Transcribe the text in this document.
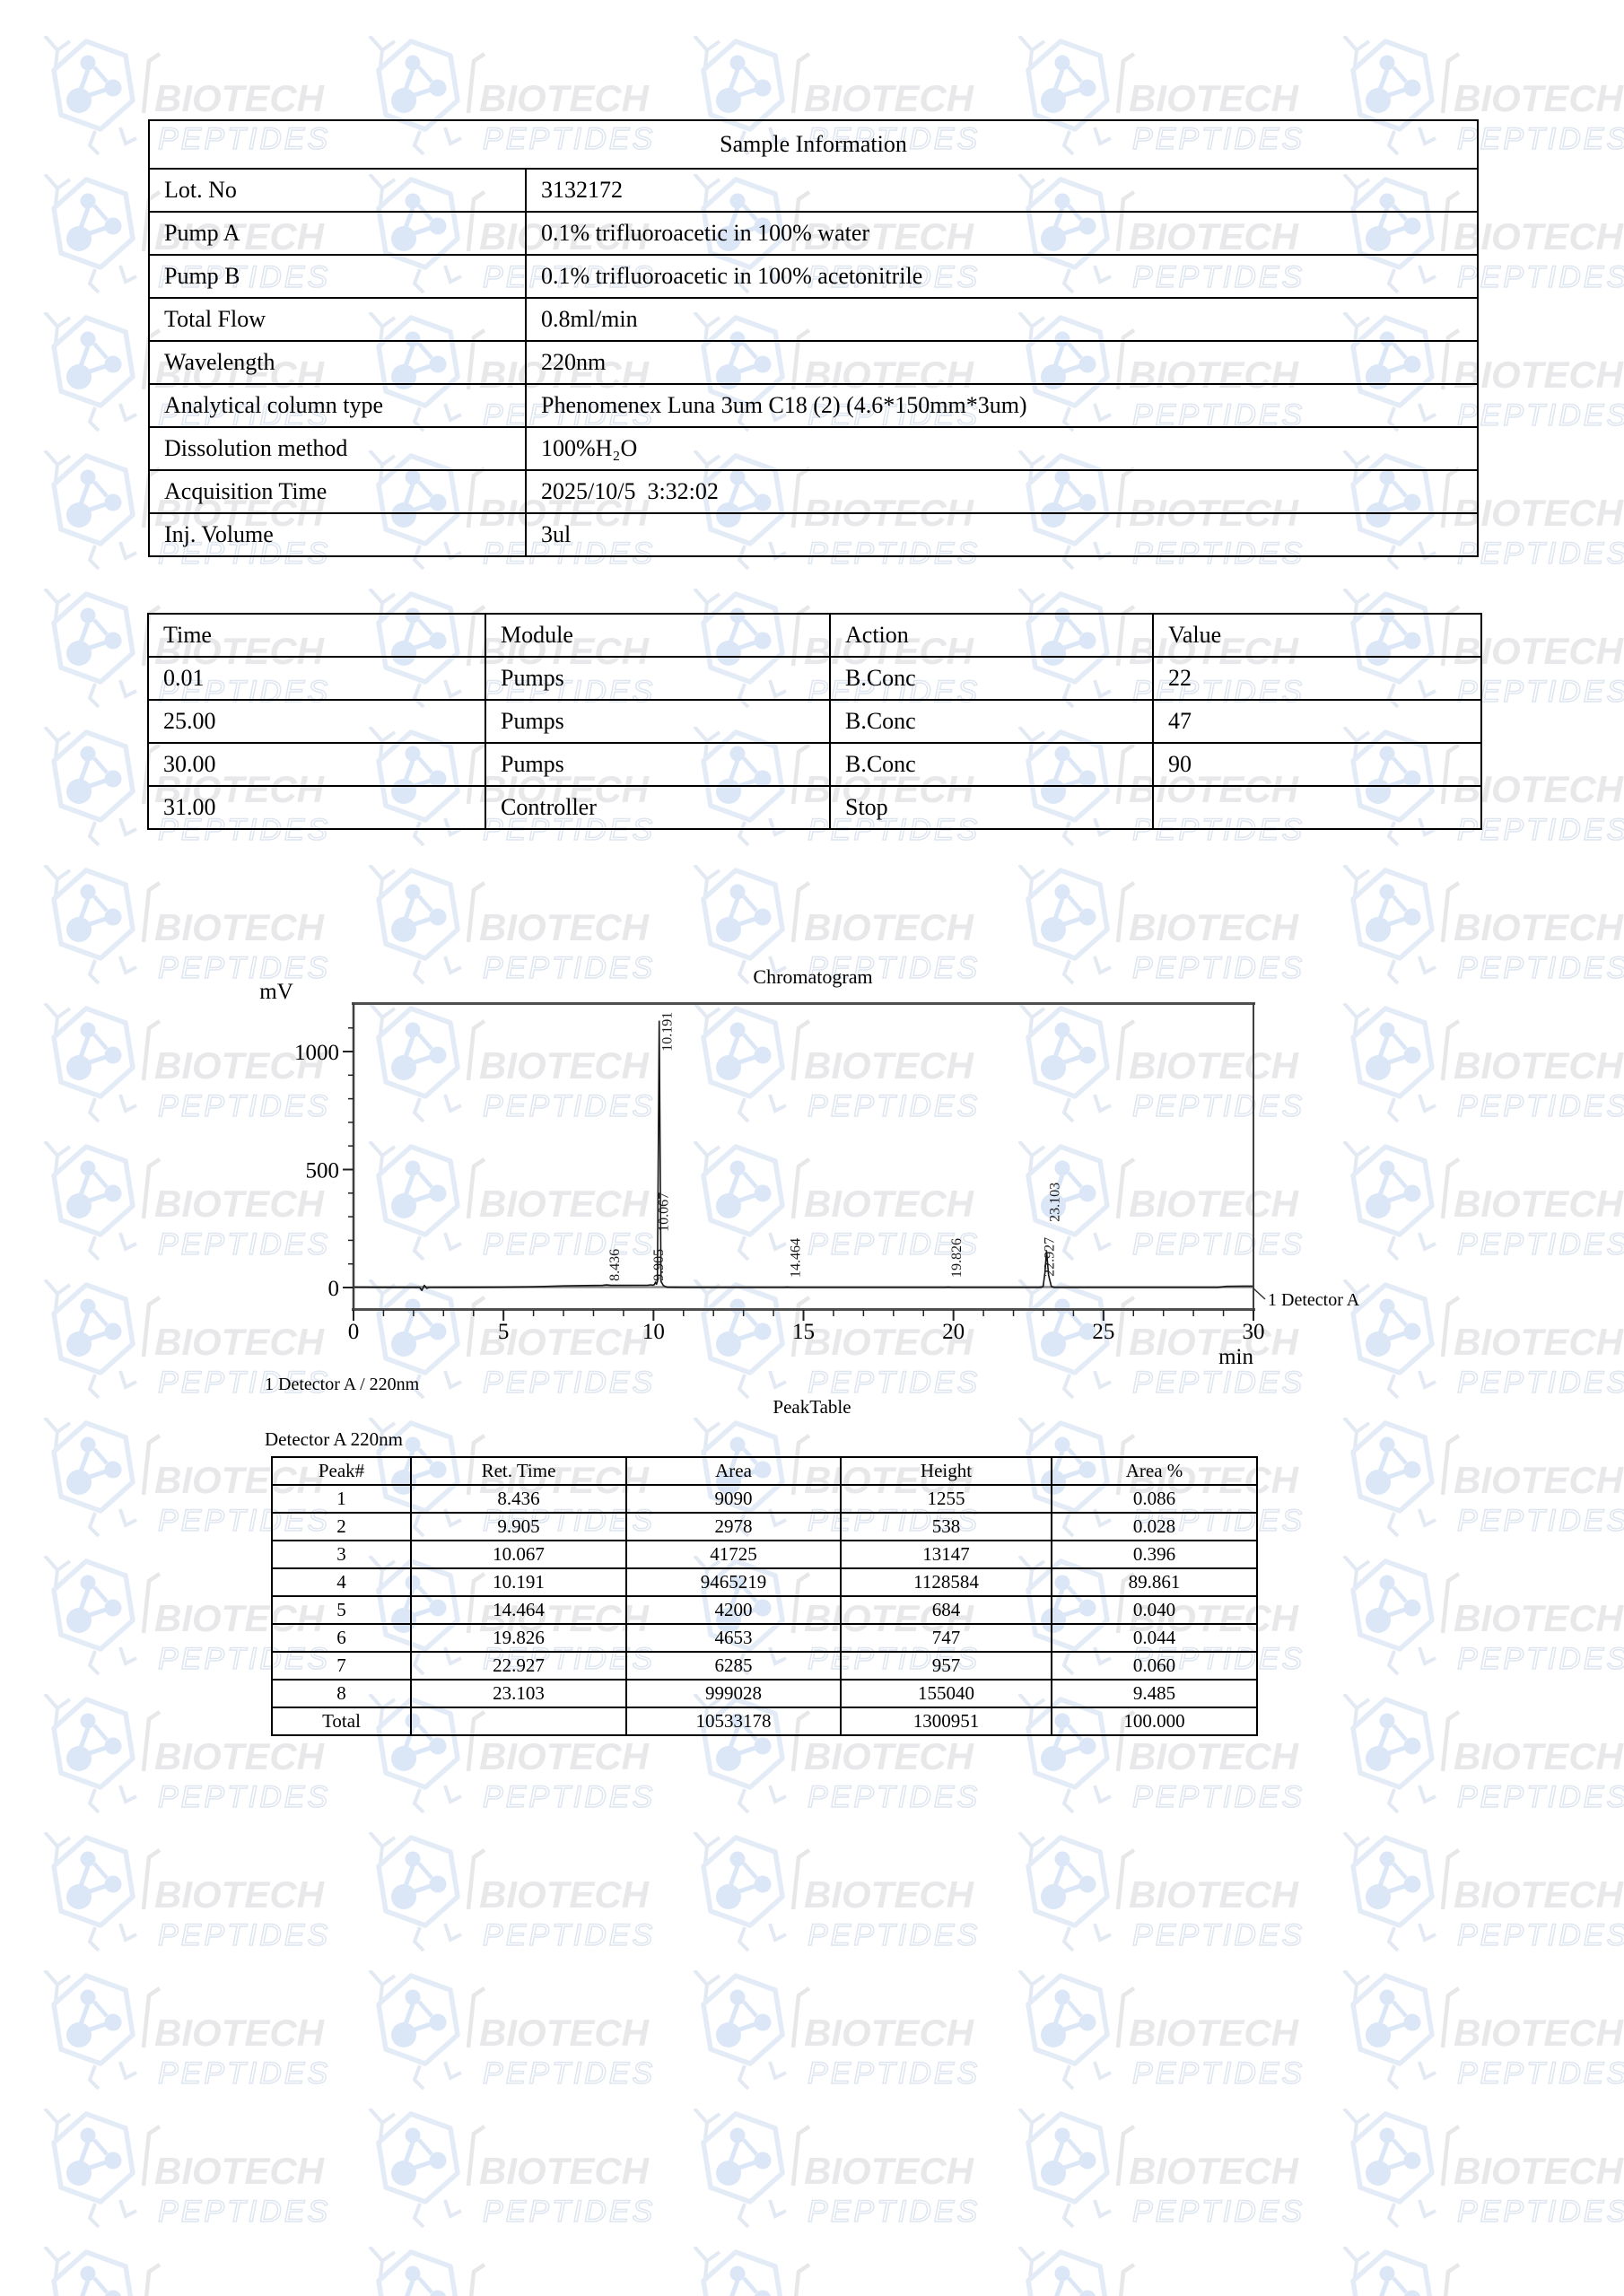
Sample Information	
Lot. No	3132172
Pump A	0.1% trifluoroacetic in 100% water
Pump B	0.1% trifluoroacetic in 100% acetonitrile
Total Flow	0.8ml/min
Wavelength	220nm
Analytical column type	Phenomenex Luna 3um C18 (2) (4.6*150mm*3um)
Dissolution method	100%H₂O
Acquisition Time	2025/10/5  3:32:02
Inj. Volume	3ul
Time	Module	Action	Value
0.01	Pumps	B.Conc	22
25.00	Pumps	B.Conc	47
30.00	Pumps	B.Conc	90
31.00	Controller	Stop	
Chromatogram
mV
min
0	5	10	15	20	25	30
0
500
1000
8.436 9.905
10.067
10.191
14.464	19.826	22.927
23.103
1 Detector A
1 Detector A / 220nm
PeakTable
Detector A 220nm
Peak#	Ret. Time	Area	Height	Area %
1	8.436	9090	1255	0.086
2	9.905	2978	538	0.028
3	10.067	41725	13147	0.396
4	10.191	9465219	1128584	89.861
5	14.464	4200	684	0.040
6	19.826	4653	747	0.044
7	22.927	6285	957	0.060
8	23.103	999028	155040	9.485
Total		10533178	1300951	100.000
